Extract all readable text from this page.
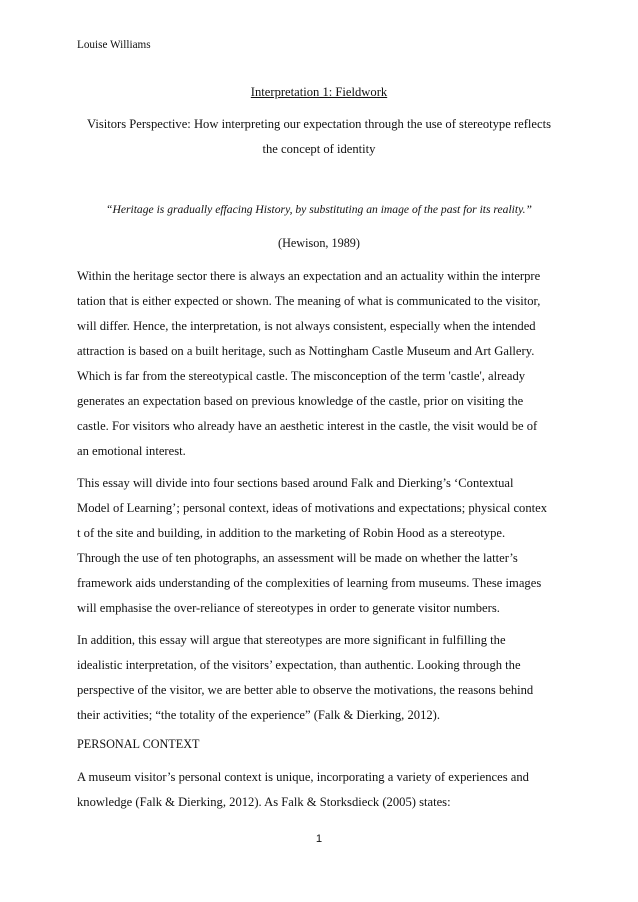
Louise Williams
Interpretation 1: Fieldwork
Visitors Perspective: How interpreting our expectation through the use of stereotype reflects
the concept of identity
“Heritage is gradually effacing History, by substituting an image of the past for its reality.”
(Hewison, 1989)
Within the heritage sector there is always an expectation and an actuality within the interpre
tation that is either expected or shown. The meaning of what is communicated to the visitor,
will differ. Hence, the interpretation, is not always consistent, especially when the intended
attraction is based on a built heritage, such as Nottingham Castle Museum and Art Gallery.
Which is far from the stereotypical castle. The misconception of the term 'castle', already
generates an expectation based on previous knowledge of the castle, prior on visiting the
castle. For visitors who already have an aesthetic interest in the castle, the visit would be of
an emotional interest.
This essay will divide into four sections based around Falk and Dierking’s ‘Contextual
Model of Learning’; personal context, ideas of motivations and expectations; physical contex
t of the site and building, in addition to the marketing of Robin Hood as a stereotype.
Through the use of ten photographs, an assessment will be made on whether the latter’s
framework aids understanding of the complexities of learning from museums. These images
will emphasise the over-reliance of stereotypes in order to generate visitor numbers.
In addition, this essay will argue that stereotypes are more significant in fulfilling the
idealistic interpretation, of the visitors’ expectation, than authentic. Looking through the
perspective of the visitor, we are better able to observe the motivations, the reasons behind
their activities; “the totality of the experience” (Falk & Dierking, 2012).
PERSONAL CONTEXT
A museum visitor’s personal context is unique, incorporating a variety of experiences and
knowledge (Falk & Dierking, 2012). As Falk & Storksdieck (2005) states:
1
